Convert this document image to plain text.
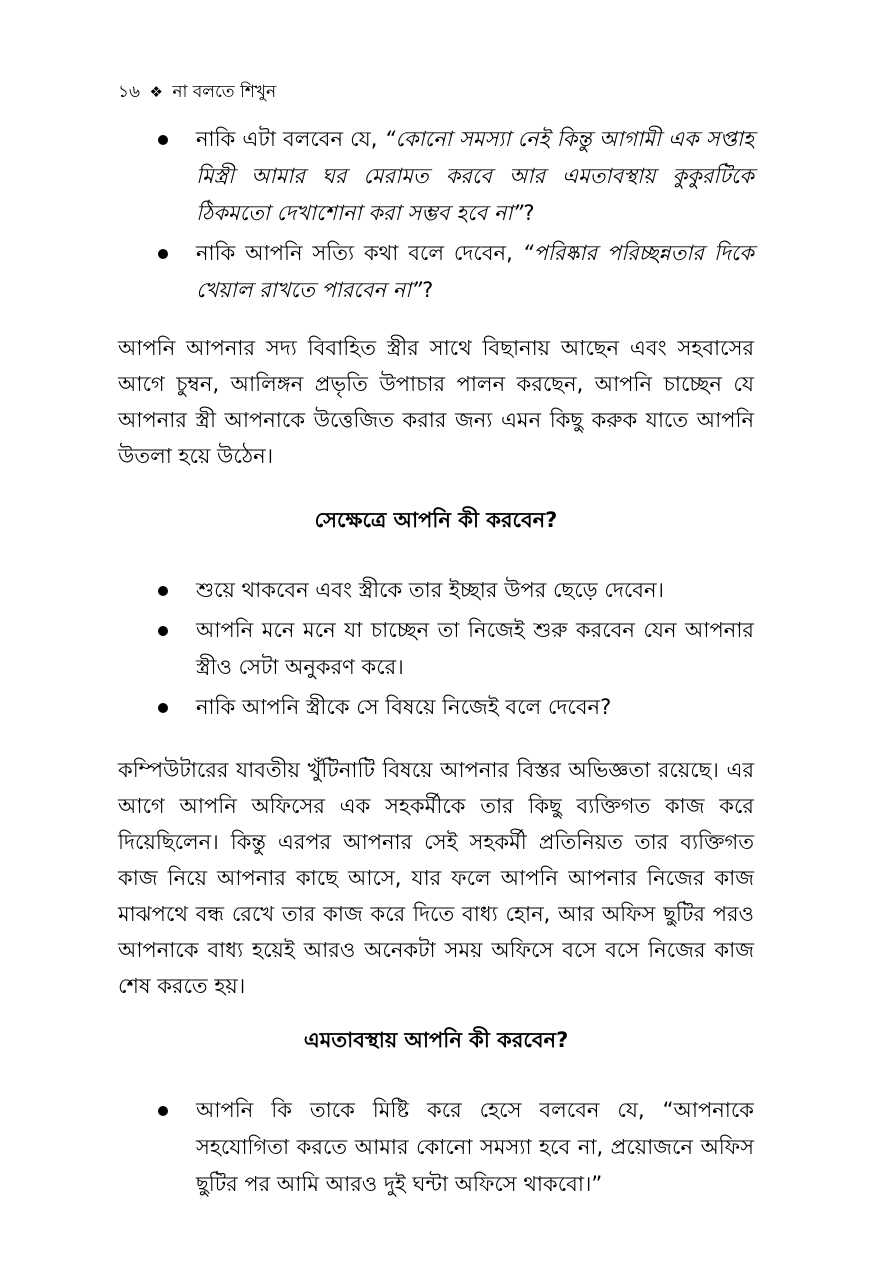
১৬ ❖ না বলতে শিখুন
নাকি এটা বলবেন যে, “কোনো সমস্যা নেই কিন্তু আগামী এক সপ্তাহ মিস্ত্রী আমার ঘর মেরামত করবে আর এমতাবস্থায় কুকুরটিকে ঠিকমতো দেখাশোনা করা সম্ভব হবে না”?
নাকি আপনি সত্যি কথা বলে দেবেন, “পরিষ্কার পরিচ্ছন্নতার দিকে খেয়াল রাখতে পারবেন না”?

আপনি আপনার সদ্য বিবাহিত স্ত্রীর সাথে বিছানায় আছেন এবং সহবাসের আগে চুম্বন, আলিঙ্গন প্রভৃতি উপাচার পালন করছেন, আপনি চাচ্ছেন যে আপনার স্ত্রী আপনাকে উত্তেজিত করার জন্য এমন কিছু করুক যাতে আপনি উতলা হয়ে উঠেন।

সেক্ষেত্রে আপনি কী করবেন?
শুয়ে থাকবেন এবং স্ত্রীকে তার ইচ্ছার উপর ছেড়ে দেবেন।
আপনি মনে মনে যা চাচ্ছেন তা নিজেই শুরু করবেন যেন আপনার স্ত্রীও সেটা অনুকরণ করে।
নাকি আপনি স্ত্রীকে সে বিষয়ে নিজেই বলে দেবেন?

কম্পিউটারের যাবতীয় খুঁটিনাটি বিষয়ে আপনার বিস্তর অভিজ্ঞতা রয়েছে। এর আগে আপনি অফিসের এক সহকর্মীকে তার কিছু ব্যক্তিগত কাজ করে দিয়েছিলেন। কিন্তু এরপর আপনার সেই সহকর্মী প্রতিনিয়ত তার ব্যক্তিগত কাজ নিয়ে আপনার কাছে আসে, যার ফলে আপনি আপনার নিজের কাজ মাঝপথে বন্ধ রেখে তার কাজ করে দিতে বাধ্য হোন, আর অফিস ছুটির পরও আপনাকে বাধ্য হয়েই আরও অনেকটা সময় অফিসে বসে বসে নিজের কাজ শেষ করতে হয়।

এমতাবস্থায় আপনি কী করবেন?
আপনি কি তাকে মিষ্টি করে হেসে বলবেন যে, “আপনাকে সহযোগিতা করতে আমার কোনো সমস্যা হবে না, প্রয়োজনে অফিস ছুটির পর আমি আরও দুই ঘন্টা অফিসে থাকবো।”
